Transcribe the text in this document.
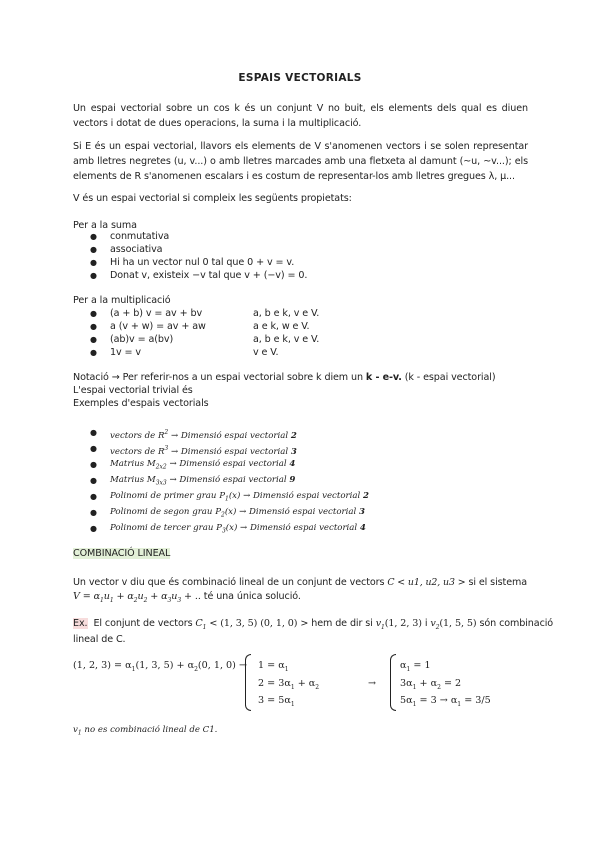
ESPAIS VECTORIALS
Un espai vectorial sobre un cos k és un conjunt V no buit, els elements dels qual es diuen vectors i dotat de dues operacions, la suma i la multiplicació.
Si E és un espai vectorial, llavors els elements de V s'anomenen vectors i se solen representar amb lletres negretes (u, v...) o amb lletres marcades amb una fletxeta al damunt (~u, ~v...); els elements de R s'anomenen escalars i es costum de representar-los amb lletres gregues λ, μ...
V és un espai vectorial si compleix les següents propietats:
Per a la suma
● conmutativa
● associativa
● Hi ha un vector nul 0 tal que 0 + v = v.
● Donat v, existeix −v tal que v + (−v) = 0.
Per a la multiplicació
● (a + b) v = av + bv	a, b e k, v e V.
● a (v + w) = av + aw	a e k, w e V.
● (ab)v = a(bv)	a, b e k, v e V.
● 1v = v	v e V.
Notació → Per referir-nos a un espai vectorial sobre k diem un k - e-v. (k - espai vectorial)
L'espai vectorial trivial és
Exemples d'espais vectorials
● vectors de $R^2$ → Dimensió espai vectorial 2
● vectors de $R^3$ → Dimensió espai vectorial 3
● Matrius $M_{2x2}$ → Dimensió espai vectorial 4
● Matrius $M_{3x3}$ → Dimensió espai vectorial 9
● Polinomi de primer grau $P_1(x)$ → Dimensió espai vectorial 2
● Polinomi de segon grau $P_2(x)$ → Dimensió espai vectorial 3
● Polinomi de tercer grau $P_3(x)$ → Dimensió espai vectorial 4
COMBINACIÓ LINEAL
Un vector v diu que és combinació lineal de un conjunt de vectors C < u1, u2, u3 > si el sistema
$V = \alpha_1u_1 + \alpha_2u_2 + \alpha_3u_3$ + .. té una única solució.
Ex. El conjunt de vectors $C_1 < (1$, 3, 5) (0, 1, 0) > hem de dir si $v_1(1$, 2, 3) i $v_2(1$, 5, 5) són combinació
lineal de C.
(1, 2, $3) = \alpha_1(1$, 3, $5) + \alpha_2(0$, 1, $0) \to 1 = \alpha_1$
$2 = 3\alpha_1 + \alpha_2$
$3 = 5\alpha_1$
→
$\alpha_1 = 1$
$3\alpha_1 + \alpha_2 = 2$
$5\alpha_1 = 3 \to \alpha_1 = 3/5$
$v_1$ no es combinació lineal de C1.
